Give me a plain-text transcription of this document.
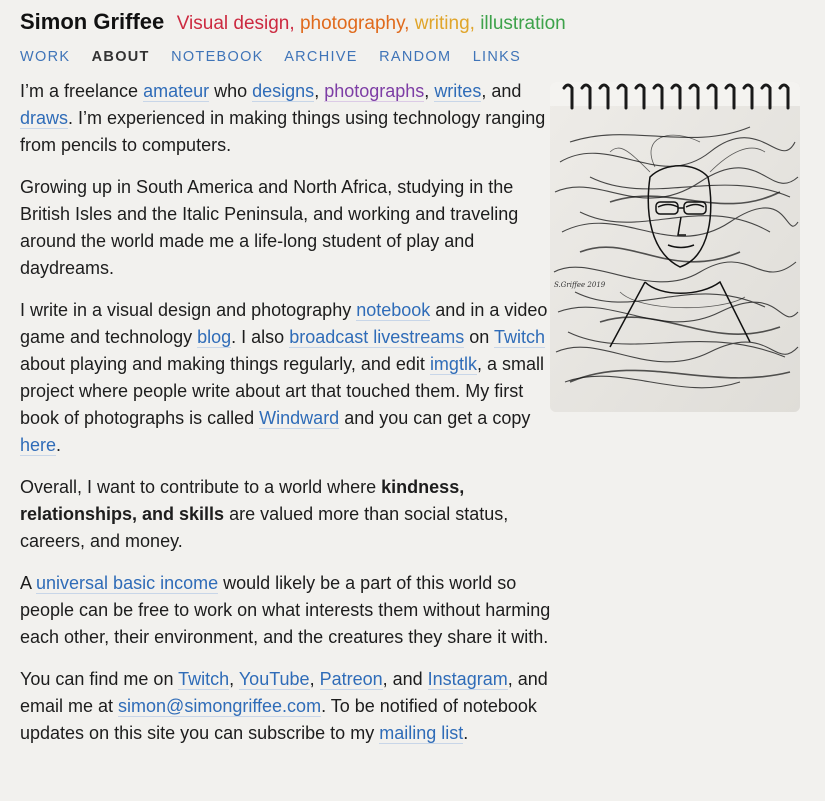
Simon Griffee Visual design, photography, writing, illustration
WORK ABOUT NOTEBOOK ARCHIVE RANDOM LINKS

I’m a freelance amateur who designs, photographs, writes, and draws. I’m experienced in making things using technology ranging from pencils to computers.

Growing up in South America and North Africa, studying in the British Isles and the Italic Peninsula, and working and traveling around the world made me a life-long student of play and daydreams.

I write in a visual design and photography notebook and in a video game and technology blog. I also broadcast livestreams on Twitch about playing and making things regularly, and edit imgtlk, a small project where people write about art that touched them. My first book of photographs is called Windward and you can get a copy here.

Overall, I want to contribute to a world where kindness, relationships, and skills are valued more than social status, careers, and money.

A universal basic income would likely be a part of this world so people can be free to work on what interests them without harming each other, their environment, and the creatures they share it with.

You can find me on Twitch, YouTube, Patreon, and Instagram, and email me at simon@simongriffee.com. To be notified of notebook updates on this site you can subscribe to my mailing list.

S.Griffee 2019
